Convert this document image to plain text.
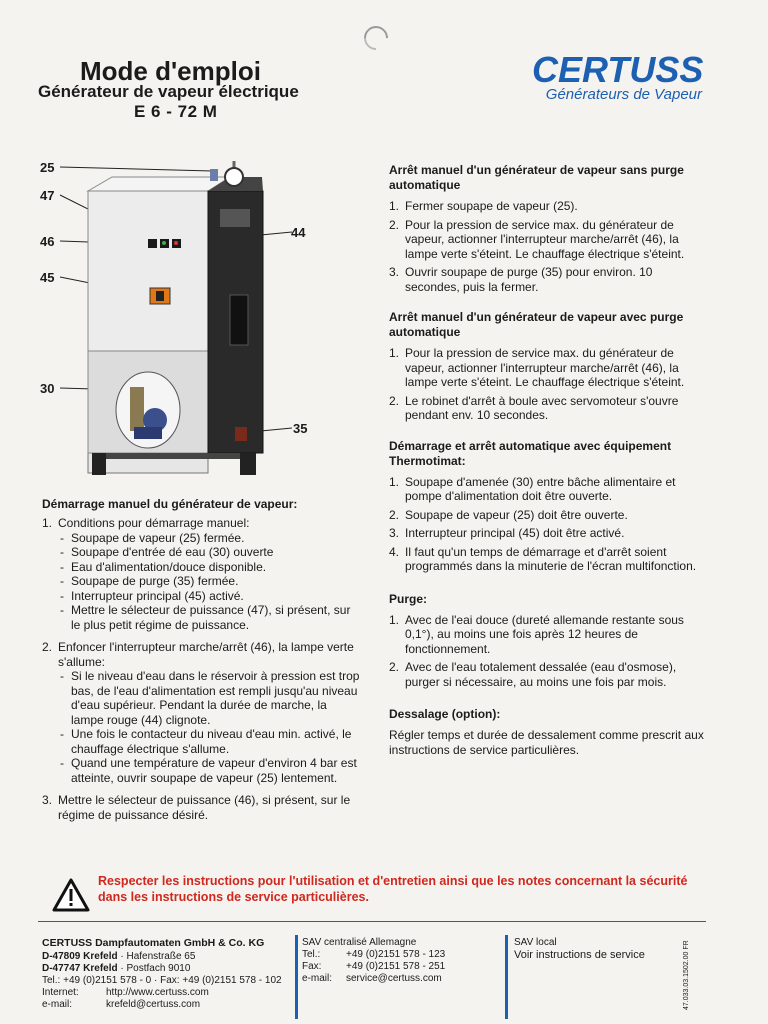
Mode d'emploi
Générateur de vapeur électrique
E 6 - 72 M
CERTUSS
Générateurs de Vapeur
25
47
46
45
44
30
35
Démarrage manuel du générateur de vapeur:
1. Conditions pour démarrage manuel:
- Soupape de vapeur (25) fermée.
- Soupape d'entrée dé eau (30) ouverte
- Eau d'alimentation/douce disponible.
- Soupape de purge (35) fermée.
- Interrupteur principal (45) activé.
- Mettre le sélecteur de puissance (47), si présent, sur le plus petit régime de puissance.
2. Enfoncer l'interrupteur marche/arrêt (46), la lampe verte s'allume:
- Si le niveau d'eau dans le réservoir à pression est trop bas, de l'eau d'alimentation est rempli jusqu'au niveau d'eau supérieur. Pendant la durée de marche, la lampe rouge (44) clignote.
- Une fois le contacteur du niveau d'eau min. activé, le chauffage électrique s'allume.
- Quand une température de vapeur d'environ 4 bar est atteinte, ouvrir soupape de vapeur (25) lentement.
3. Mettre le sélecteur de puissance (46), si présent, sur le régime de puissance désiré.
Arrêt manuel d'un générateur de vapeur sans purge automatique
1. Fermer soupape de vapeur (25).
2. Pour la pression de service max. du générateur de vapeur, actionner l'interrupteur marche/arrêt (46), la lampe verte s'éteint. Le chauffage électrique s'éteint.
3. Ouvrir soupape de purge (35) pour environ. 10 secondes, puis la fermer.
Arrêt manuel d'un générateur de vapeur avec purge automatique
1. Pour la pression de service max. du générateur de vapeur, actionner l'interrupteur marche/arrêt (46), la lampe verte s'éteint. Le chauffage électrique s'éteint.
2. Le robinet d'arrêt à boule avec servomoteur s'ouvre pendant env. 10 secondes.
Démarrage et arrêt automatique avec équipement Thermotimat:
1. Soupape d'amenée (30) entre bâche alimentaire et pompe d'alimentation doit être ouverte.
2. Soupape de vapeur (25) doit être ouverte.
3. Interrupteur principal (45) doit être activé.
4. Il faut qu'un temps de démarrage et d'arrêt soient programmés dans la minuterie de l'écran multifonction.
Purge:
1. Avec de l'eai douce (dureté allemande restante sous 0,1°), au moins une fois après 12 heures de fonctionnement.
2. Avec de l'eau totalement dessalée (eau d'osmose), purger si nécessaire, au moins une fois par mois.
Dessalage (option):
Régler temps et durée de dessalement comme prescrit aux instructions de service particulières.
Respecter les instructions pour l'utilisation et d'entretien ainsi que les notes concernant la sécurité dans les instructions de service particulières.
CERTUSS Dampfautomaten GmbH & Co. KG
D-47809 Krefeld · Hafenstraße 65
D-47747 Krefeld · Postfach 9010
Tel.: +49 (0)2151 578 - 0 · Fax: +49 (0)2151 578 - 102
Internet:	http://www.certuss.com
e-mail:	krefeld@certuss.com
SAV centralisé Allemagne
Tel.:	+49 (0)2151 578 - 123
Fax: +49 (0)2151 578 - 251
e-mail: service@certuss.com
SAV local
Voir instructions de service	47.033.03.1502.00 FR
